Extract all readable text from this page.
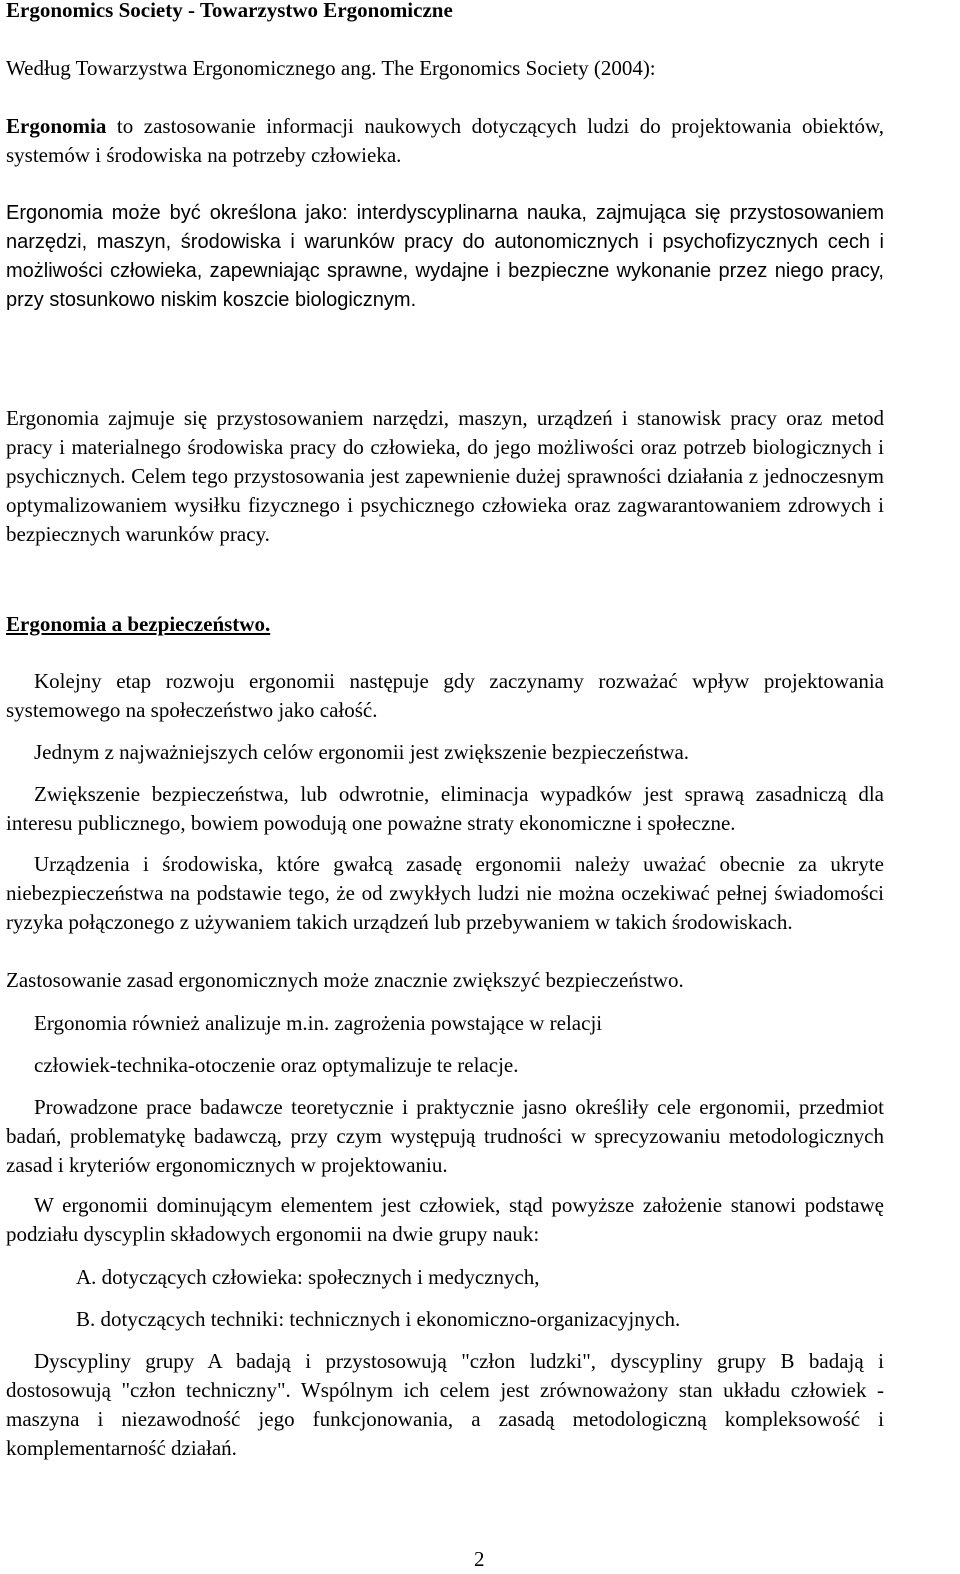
Ergonomics Society - Towarzystwo Ergonomiczne

Według Towarzystwa Ergonomicznego ang. The Ergonomics Society (2004):

Ergonomia to zastosowanie informacji naukowych dotyczących ludzi do projektowania obiektów, systemów i środowiska na potrzeby człowieka.

Ergonomia może być określona jako: interdyscyplinarna nauka, zajmująca się przystosowaniem narzędzi, maszyn, środowiska i warunków pracy do autonomicznych i psychofizycznych cech i możliwości człowieka, zapewniając sprawne, wydajne i bezpieczne wykonanie przez niego pracy, przy stosunkowo niskim koszcie biologicznym.

Ergonomia zajmuje się przystosowaniem narzędzi, maszyn, urządzeń i stanowisk pracy oraz metod pracy i materialnego środowiska pracy do człowieka, do jego możliwości oraz potrzeb biologicznych i psychicznych. Celem tego przystosowania jest zapewnienie dużej sprawności działania z jednoczesnym optymalizowaniem wysiłku fizycznego i psychicznego człowieka oraz zagwarantowaniem zdrowych i bezpiecznych warunków pracy.

Ergonomia a bezpieczeństwo.

Kolejny etap rozwoju ergonomii następuje gdy zaczynamy rozważać wpływ projektowania systemowego na społeczeństwo jako całość.

Jednym z najważniejszych celów ergonomii jest zwiększenie bezpieczeństwa.

Zwiększenie bezpieczeństwa, lub odwrotnie, eliminacja wypadków jest sprawą zasadniczą dla interesu publicznego, bowiem powodują one poważne straty ekonomiczne i społeczne.

Urządzenia i środowiska, które gwałcą zasadę ergonomii należy uważać obecnie za ukryte niebezpieczeństwa na podstawie tego, że od zwykłych ludzi nie można oczekiwać pełnej świadomości ryzyka połączonego z używaniem takich urządzeń lub przebywaniem w takich środowiskach.

Zastosowanie zasad ergonomicznych może znacznie zwiększyć bezpieczeństwo.

Ergonomia również analizuje m.in. zagrożenia powstające w relacji

człowiek-technika-otoczenie oraz optymalizuje te relacje.

Prowadzone prace badawcze teoretycznie i praktycznie jasno określiły cele ergonomii, przedmiot badań, problematykę badawczą, przy czym występują trudności w sprecyzowaniu metodologicznych zasad i kryteriów ergonomicznych w projektowaniu.

W ergonomii dominującym elementem jest człowiek, stąd powyższe założenie stanowi podstawę podziału dyscyplin składowych ergonomii na dwie grupy nauk:

A. dotyczących człowieka: społecznych i medycznych,

B. dotyczących techniki: technicznych i ekonomiczno-organizacyjnych.

Dyscypliny grupy A badają i przystosowują "człon ludzki", dyscypliny grupy B badają i dostosowują "człon techniczny". Wspólnym ich celem jest zrównoważony stan układu człowiek - maszyna i niezawodność jego funkcjonowania, a zasadą metodologiczną kompleksowość i komplementarność działań.

2
